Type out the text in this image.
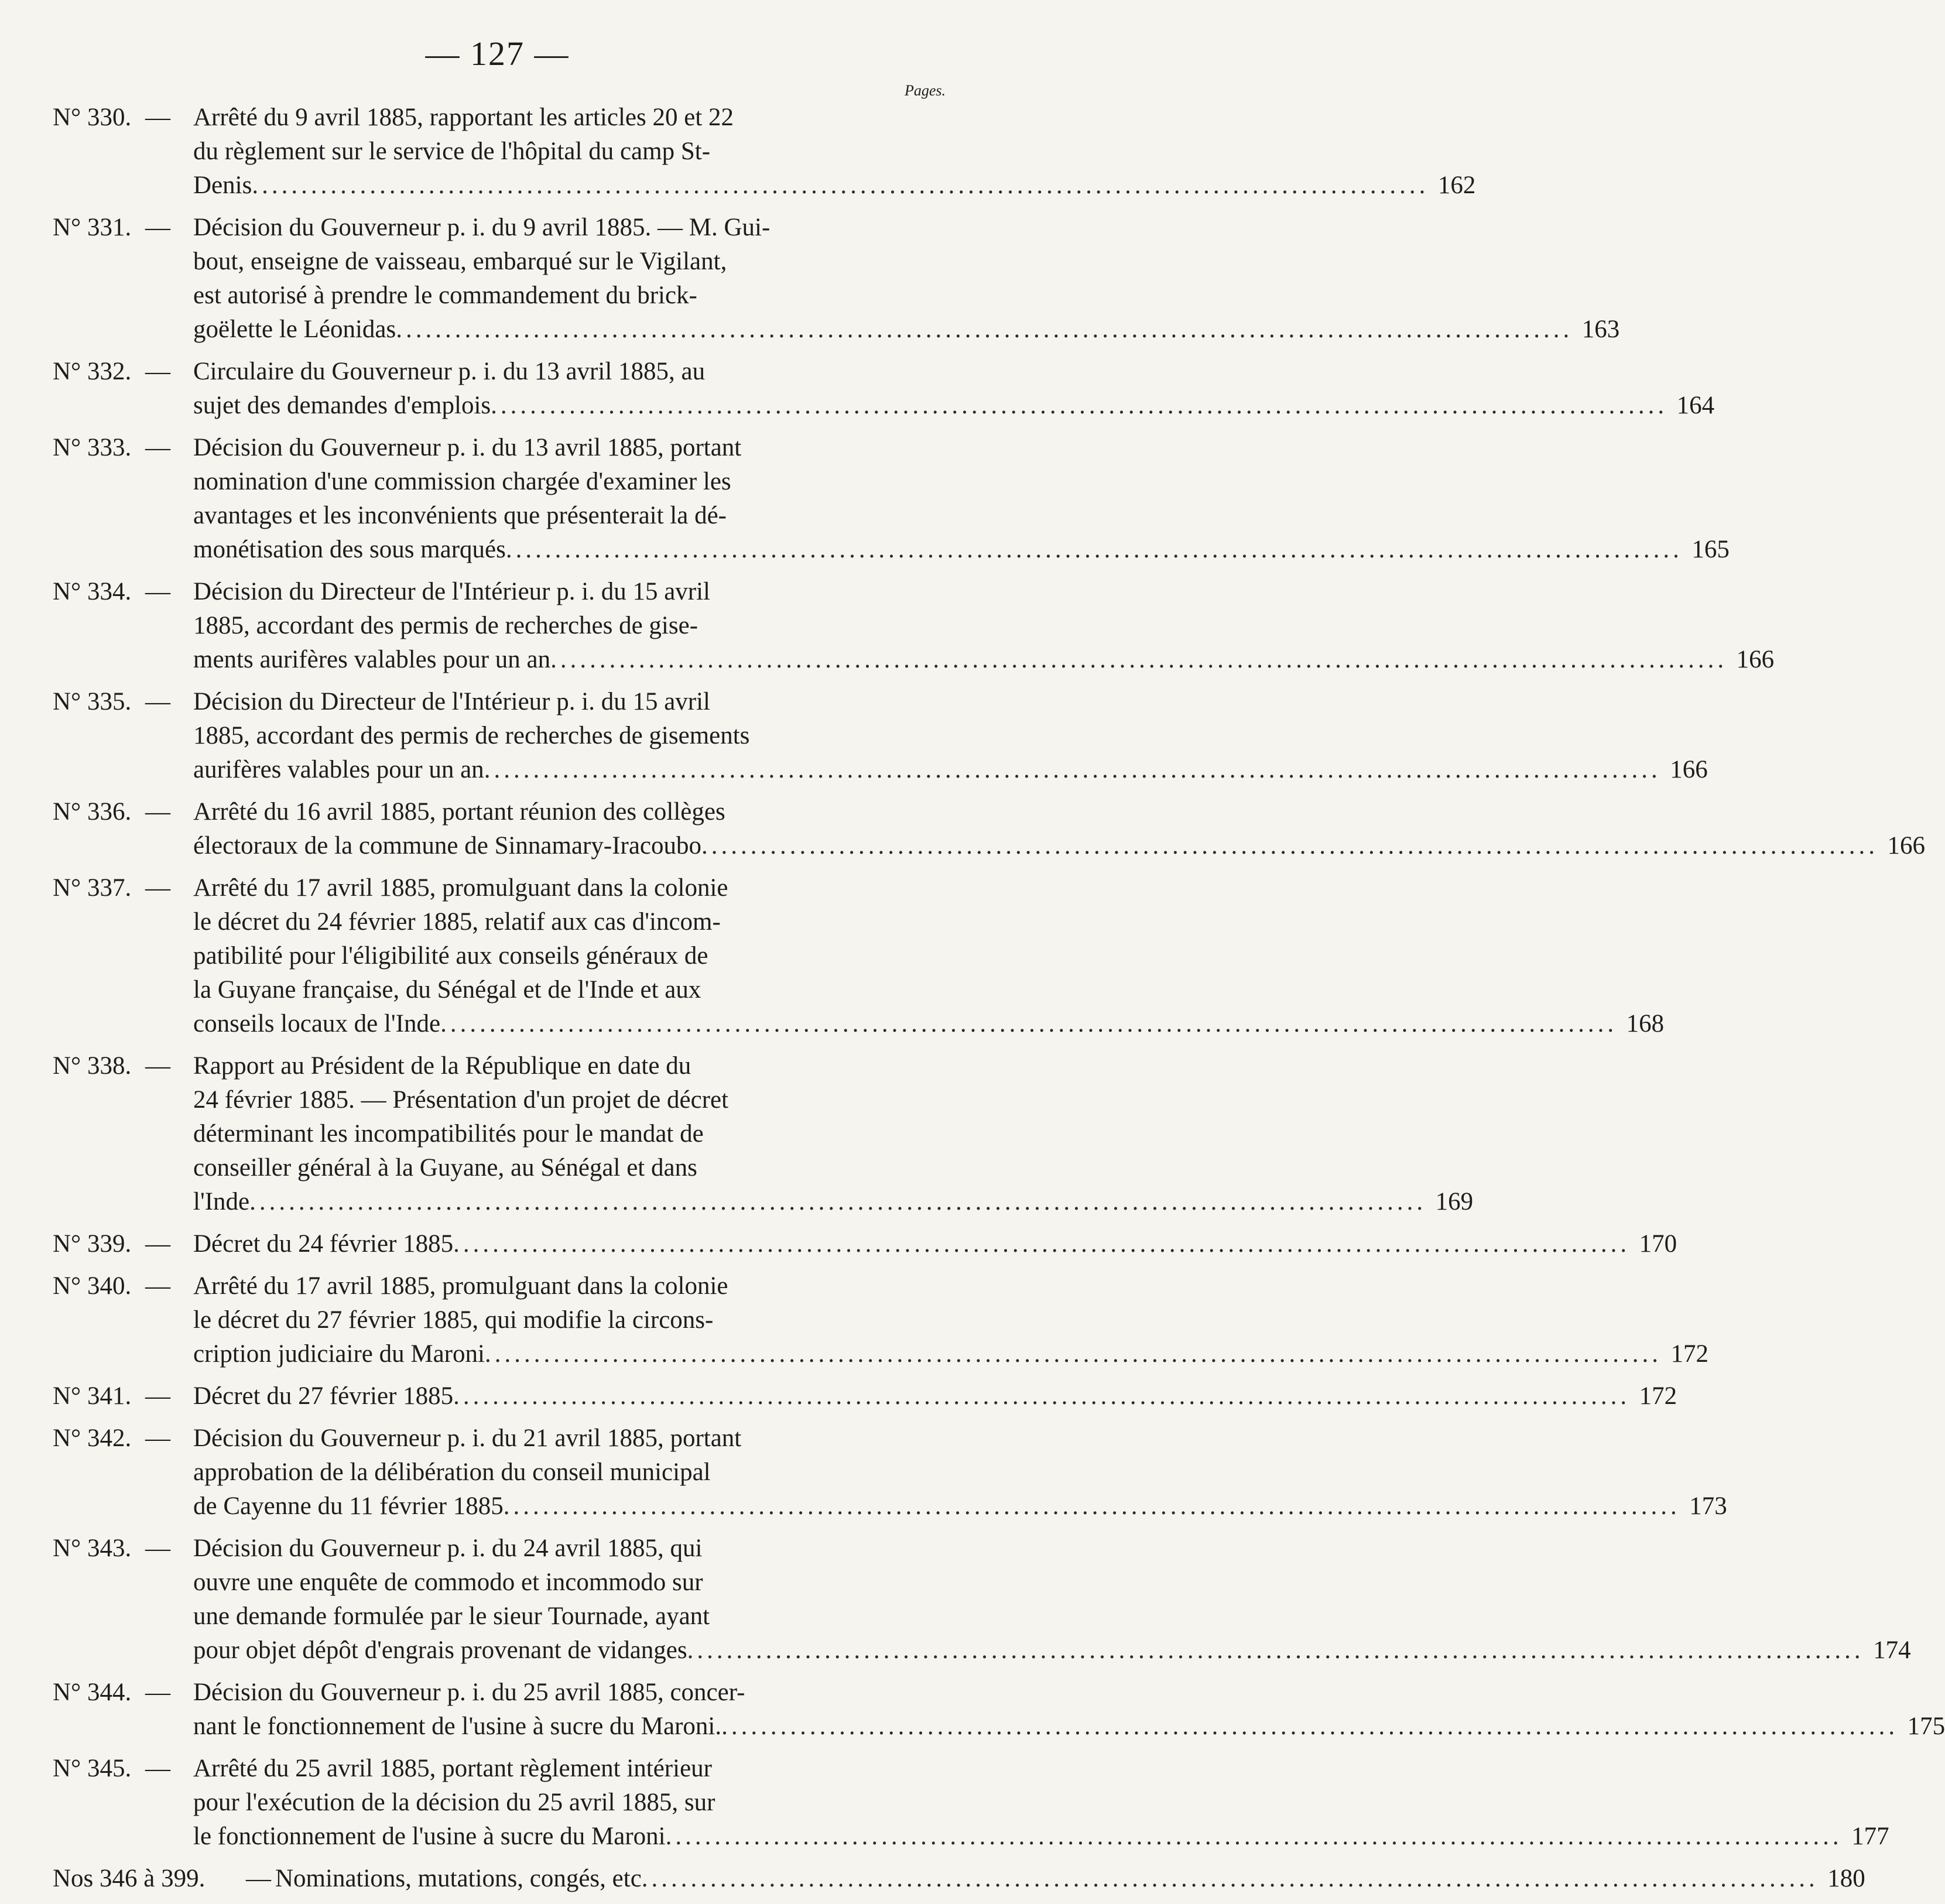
— 127 —
Pages.
N° 330. — Arrêté du 9 avril 1885, rapportant les articles 20 et 22
du règlement sur le service de l'hôpital du camp St-
Denis ........................................................................................................................ 162
N° 331. — Décision du Gouverneur p. i. du 9 avril 1885. — M. Gui-
bout, enseigne de vaisseau, embarqué sur le Vigilant,
est autorisé à prendre le commandement du brick-
goëlette le Léonidas ........................................................................................................................ 163
N° 332. — Circulaire du Gouverneur p. i. du 13 avril 1885, au
sujet des demandes d'emplois ........................................................................................................................ 164
N° 333. — Décision du Gouverneur p. i. du 13 avril 1885, portant
nomination d'une commission chargée d'examiner les
avantages et les inconvénients que présenterait la dé-
monétisation des sous marqués ........................................................................................................................ 165
N° 334. — Décision du Directeur de l'Intérieur p. i. du 15 avril
1885, accordant des permis de recherches de gise-
ments aurifères valables pour un an ........................................................................................................................ 166
N° 335. — Décision du Directeur de l'Intérieur p. i. du 15 avril
1885, accordant des permis de recherches de gisements
aurifères valables pour un an ........................................................................................................................ 166
N° 336. — Arrêté du 16 avril 1885, portant réunion des collèges
électoraux de la commune de Sinnamary-Iracoubo ........................................................................................................................ 166
N° 337. — Arrêté du 17 avril 1885, promulguant dans la colonie
le décret du 24 février 1885, relatif aux cas d'incom-
patibilité pour l'éligibilité aux conseils généraux de
la Guyane française, du Sénégal et de l'Inde et aux
conseils locaux de l'Inde ........................................................................................................................ 168
N° 338. — Rapport au Président de la République en date du
24 février 1885. — Présentation d'un projet de décret
déterminant les incompatibilités pour le mandat de
conseiller général à la Guyane, au Sénégal et dans
l'Inde ........................................................................................................................ 169
N° 339. — Décret du 24 février 1885 ........................................................................................................................ 170
N° 340. — Arrêté du 17 avril 1885, promulguant dans la colonie
le décret du 27 février 1885, qui modifie la circons-
cription judiciaire du Maroni ........................................................................................................................ 172
N° 341. — Décret du 27 février 1885 ........................................................................................................................ 172
N° 342. — Décision du Gouverneur p. i. du 21 avril 1885, portant
approbation de la délibération du conseil municipal
de Cayenne du 11 février 1885 ........................................................................................................................ 173
N° 343. — Décision du Gouverneur p. i. du 24 avril 1885, qui
ouvre une enquête de commodo et incommodo sur
une demande formulée par le sieur Tournade, ayant
pour objet dépôt d'engrais provenant de vidanges ........................................................................................................................ 174
N° 344. — Décision du Gouverneur p. i. du 25 avril 1885, concer-
nant le fonctionnement de l'usine à sucre du Maroni. ........................................................................................................................ 175
N° 345. — Arrêté du 25 avril 1885, portant règlement intérieur
pour l'exécution de la décision du 25 avril 1885, sur
le fonctionnement de l'usine à sucre du Maroni ........................................................................................................................ 177
Nos 346 à 399. — Nominations, mutations, congés, etc ........................................................................................................................ 180
